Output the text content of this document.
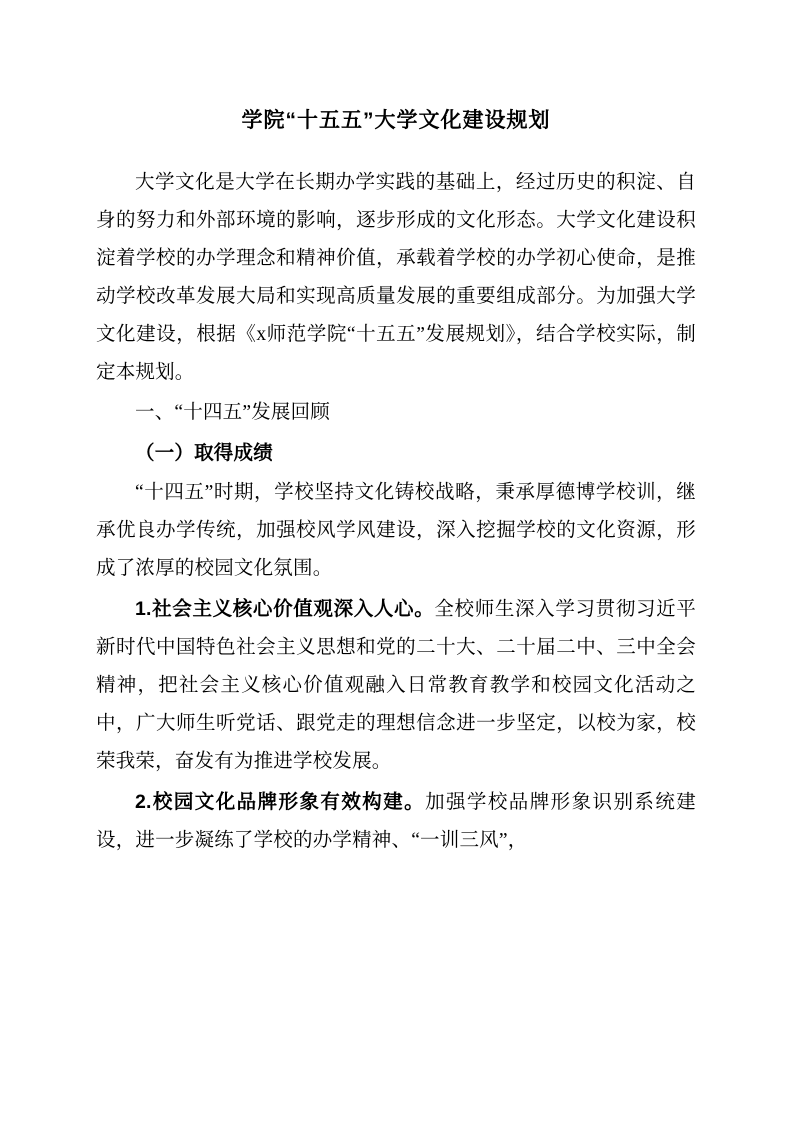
学院“十五五”大学文化建设规划

大学文化是大学在长期办学实践的基础上，经过历史的积淀、自身的努力和外部环境的影响，逐步形成的文化形态。大学文化建设积淀着学校的办学理念和精神价值，承载着学校的办学初心使命，是推动学校改革发展大局和实现高质量发展的重要组成部分。为加强大学文化建设，根据《x师范学院“十五五”发展规划》，结合学校实际，制定本规划。

一、“十四五”发展回顾

（一）取得成绩

“十四五”时期，学校坚持文化铸校战略，秉承厚德博学校训，继承优良办学传统，加强校风学风建设，深入挖掘学校的文化资源，形成了浓厚的校园文化氛围。

1.社会主义核心价值观深入人心。全校师生深入学习贯彻习近平新时代中国特色社会主义思想和党的二十大、二十届二中、三中全会精神，把社会主义核心价值观融入日常教育教学和校园文化活动之中，广大师生听党话、跟党走的理想信念进一步坚定，以校为家，校荣我荣，奋发有为推进学校发展。

2.校园文化品牌形象有效构建。加强学校品牌形象识别系统建设，进一步凝练了学校的办学精神、“一训三风”，
